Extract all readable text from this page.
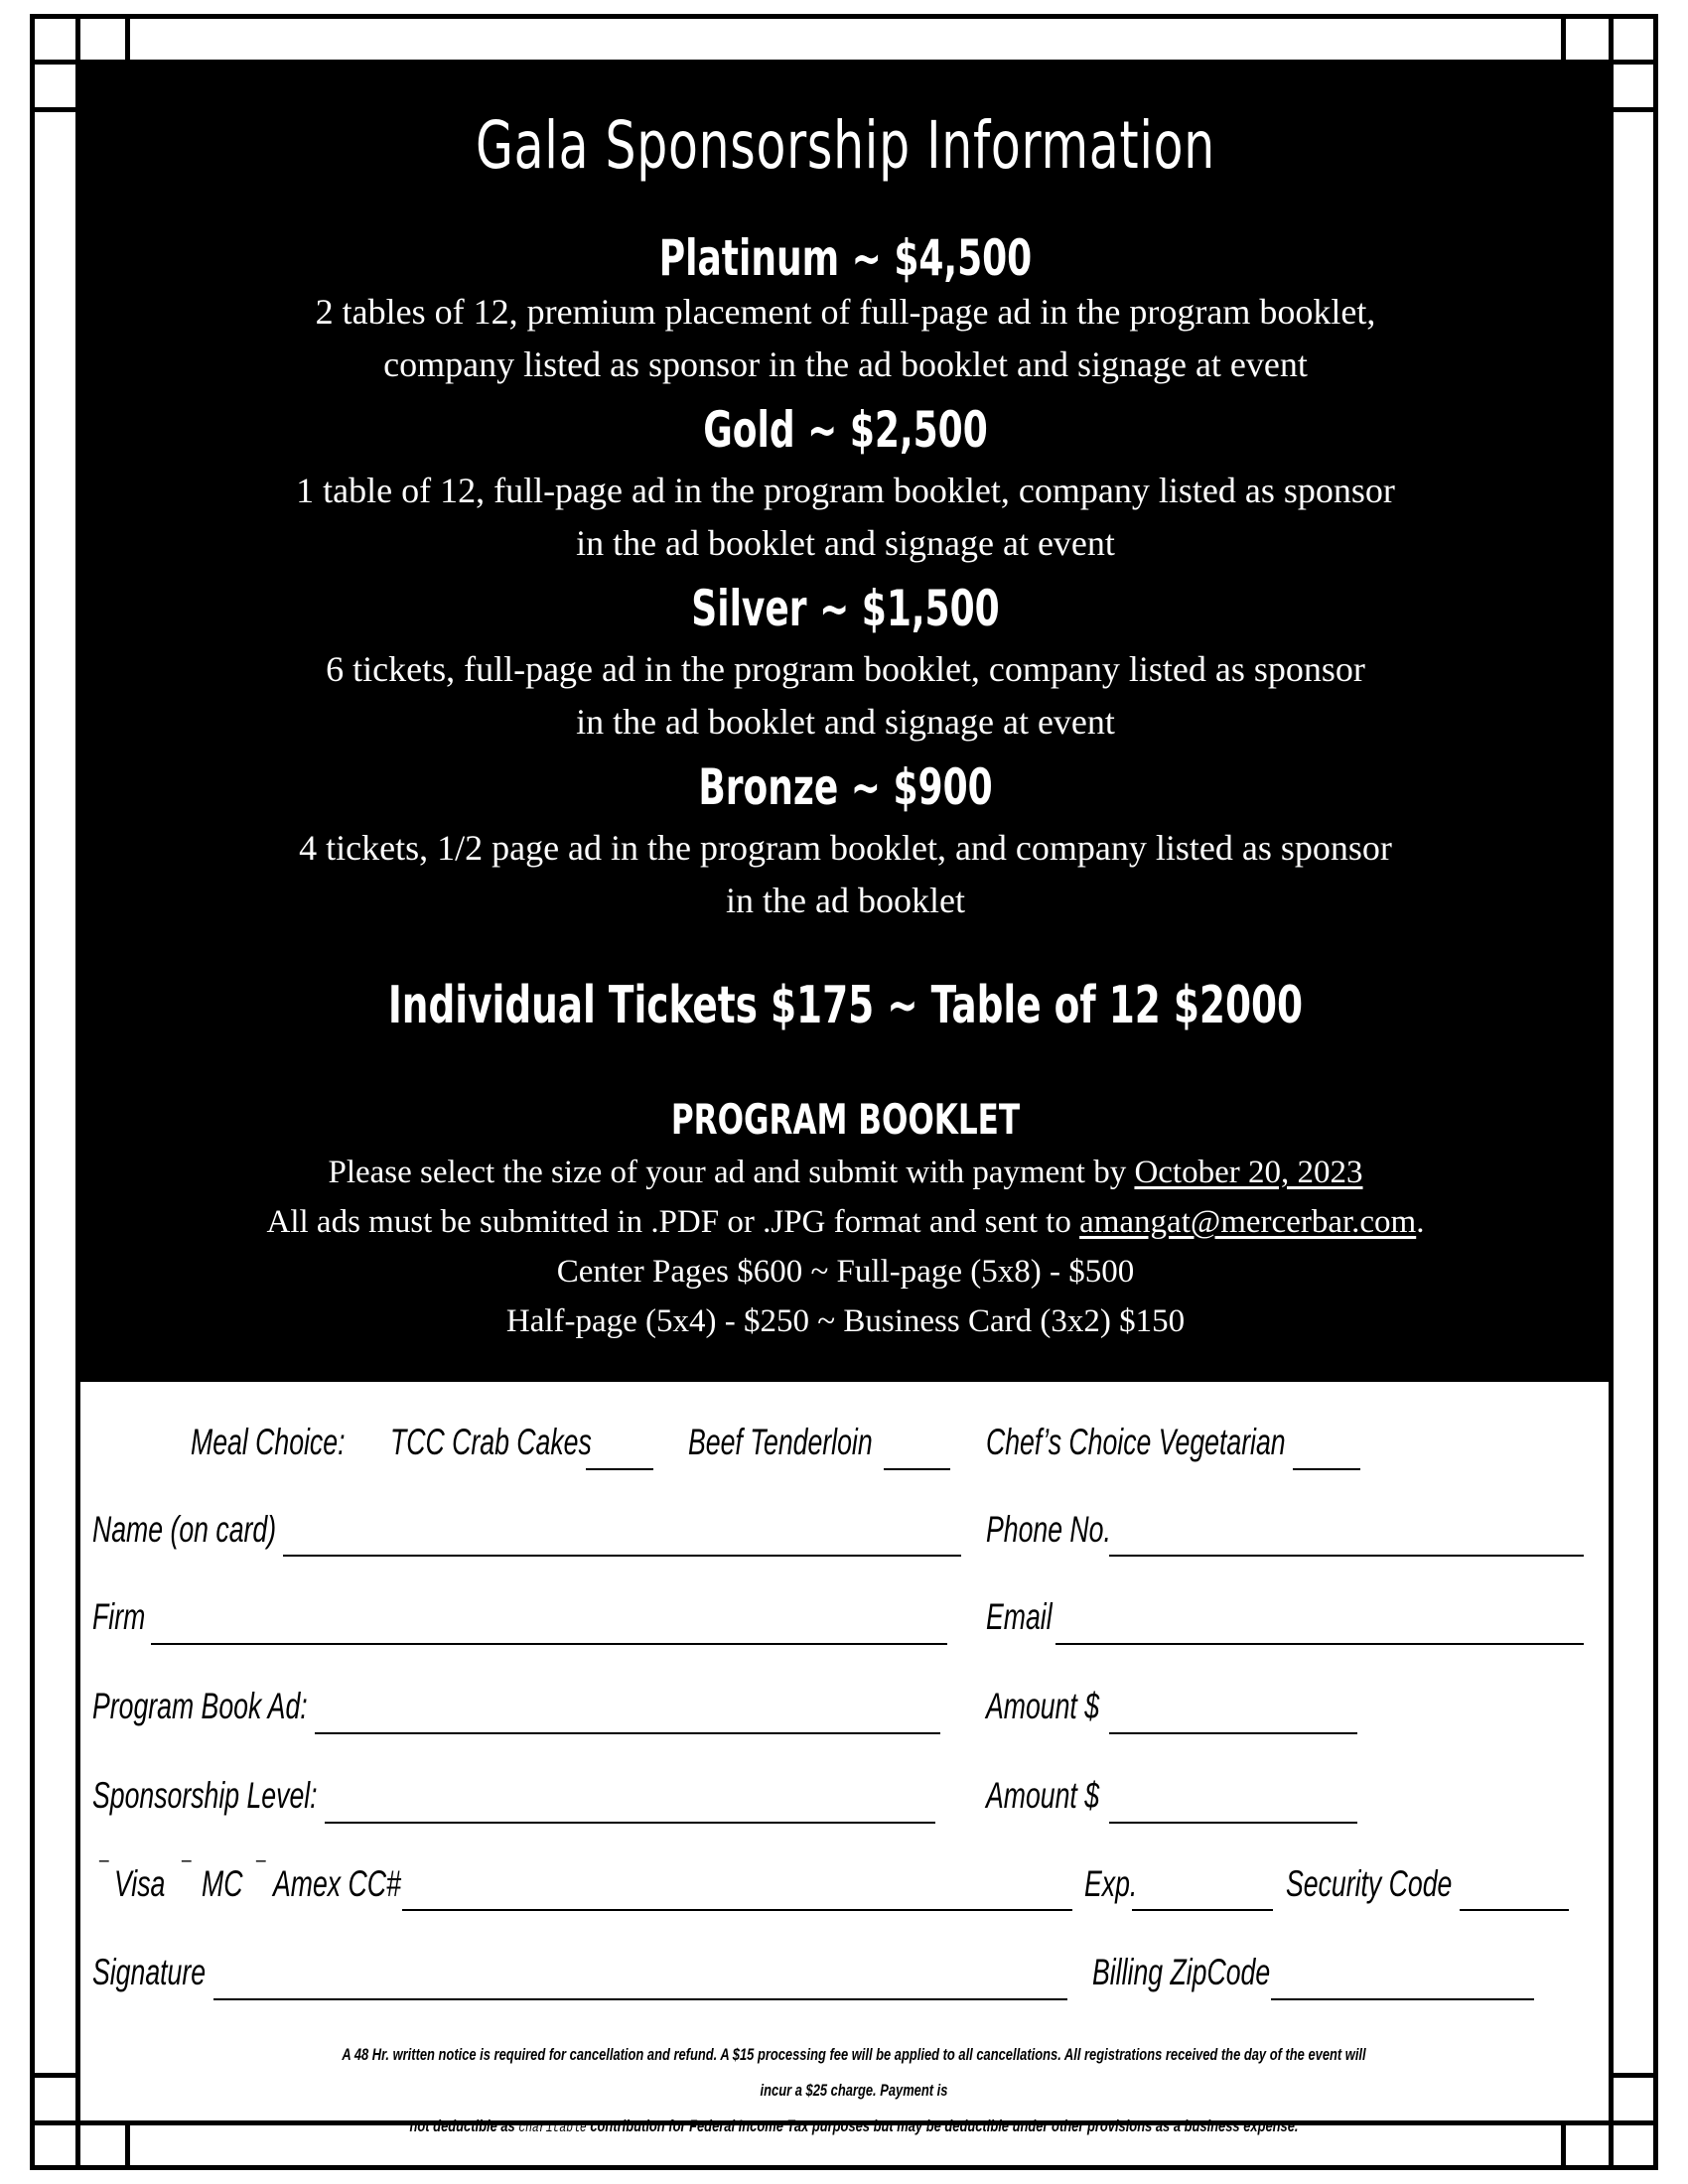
Gala Sponsorship Information
Platinum ~ $4,500
2 tables of 12, premium placement of full-page ad in the program booklet,
company listed as sponsor in the ad booklet and signage at event
Gold ~ $2,500
1 table of 12, full-page ad in the program booklet, company listed as sponsor
in the ad booklet and signage at event
Silver ~ $1,500
6 tickets, full-page ad in the program booklet, company listed as sponsor
in the ad booklet and signage at event
Bronze ~ $900
4 tickets, 1/2 page ad in the program booklet, and company listed as sponsor
in the ad booklet
Individual Tickets $175 ~ Table of 12 $2000
PROGRAM BOOKLET
Please select the size of your ad and submit with payment by October 20, 2023
All ads must be submitted in .PDF or .JPG format and sent to amangat@mercerbar.com.
Center Pages $600 ~ Full-page (5x8) - $500
Half-page (5x4) - $250 ~ Business Card (3x2) $150
Meal Choice: TCC Crab Cakes	Beef Tenderloin	Chef’s Choice Vegetarian
Name (on card)	Phone No.
Firm	Email
Program Book Ad:	Amount $
Sponsorship Level:	Amount $
¯ Visa ¯ MC ¯ Amex CC#	Exp.	Security Code
Signature	Billing ZipCode
A 48 Hr. written notice is required for cancellation and refund. A $15 processing fee will be applied to all cancellations. All registrations received the day of the event will incur a $25 charge. Payment is
not deductible as charitable contribution for Federal Income Tax purposes but may be deductible under other provisions as a business expense.
